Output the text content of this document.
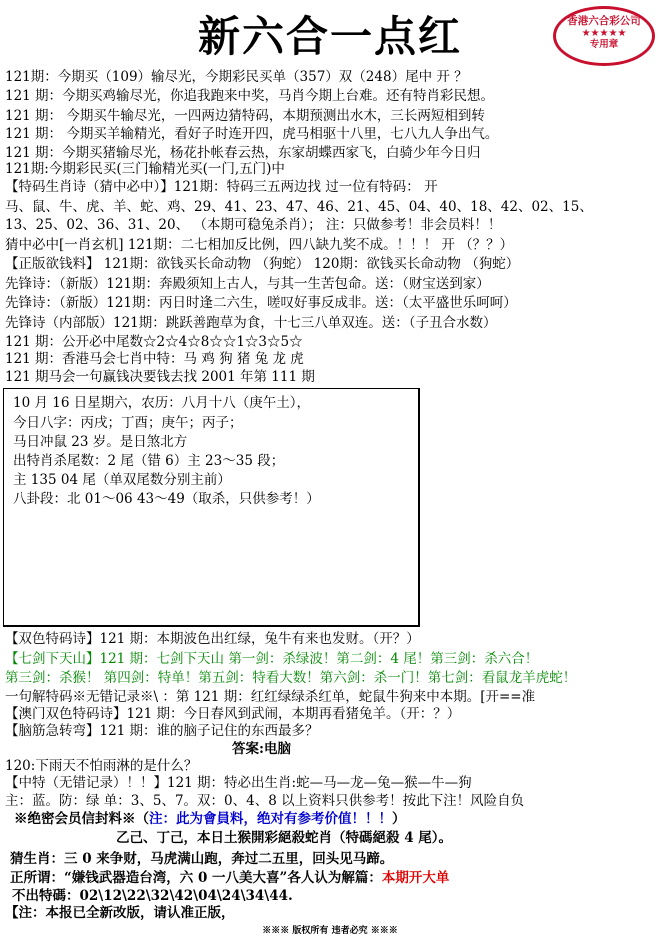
新六合一点红	香港六合彩公司
★★★★★
专用章
121期：今期买（109）输尽光，今期彩民买单（357）双（248）尾中 开 ？
121 期：今期买鸡输尽光，你追我跑来中奖，马肖今期上台难。还有特肖彩民想。
121 期： 今期买牛输尽光，一四两边猜特码，本期预测出水木，三长两短相到转
121 期： 今期买羊输精光，看好子时连开四，虎马相驱十八里，七八九人争出气。
121 期：今期买猪输尽光，杨花扑帐春云热，东家胡蝶西家飞，白骑少年今日归
121期:今期彩民买(三门输精光买(一门,五门)中
【特码生肖诗（猜中必中）】121期：特码三五两边找 过一位有特码： 开
马、鼠、牛、虎、羊、蛇、鸡、29、41、23、47、46、21、45、04、40、18、42、02、15、
13、25、02、36、31、20、 （本期可稳兔杀肖）； 注：只做参考！非会员料！！
猜中必中[一肖玄机] 121期：二七相加反比例，四八缺九奖不成。！！！ 开 （？？）
【正版欲钱料】 121期：欲钱买长命动物 （狗蛇） 120期：欲钱买长命动物 （狗蛇）
先锋诗：（新版）121期：奔殿须知上古人，与其一生苦包命。送：（财宝送到家）
先锋诗：（新版）121期：丙日时逢二六生，嗟叹好事反成非。送：（太平盛世乐呵呵）
先锋诗（内部版）121期：跳跃善跑草为食，十七三八单双连。送：（子丑合水数）
121 期：公开必中尾数☆2☆4☆8☆☆1☆3☆5☆
121 期：香港马会七肖中特：马 鸡 狗 猪 兔 龙 虎
121 期马会一句赢钱决要钱去找 2001 年第 111 期
10 月 16 日星期六，农历：八月十八（庚午土），
今日八字：丙戌；丁酉；庚午；丙子；
马日冲鼠 23 岁。是日煞北方
出特肖杀尾数：2 尾（错 6）主 23～35 段；
主 135 04 尾（单双尾数分别主前）
八卦段：北 01～06 43～49（取杀，只供参考！）
【双色特码诗】121 期：本期波色出红绿，兔牛有来也发财。（开？）
【七剑下天山】121 期：七剑下天山 第一剑：杀绿波！第二剑：4 尾！第三剑：杀六合！
第三剑：杀猴！ 第四剑：特单！第五剑：特看大数！第六剑：杀一门！第七剑：看鼠龙羊虎蛇！
一句解特码※无错记录※\ ：第 121 期：红红绿绿杀红单，蛇鼠牛狗来中本期。[开==准
【澳门双色特码诗】121 期：今日春风到武闹，本期再看猪兔羊。（开：？）
【脑筋急转弯】121 期：谁的脑子记住的东西最多？
答案:电脑
120:下雨天不怕雨淋的是什么？
【中特（无错记录）！！】121 期：特必出生肖:蛇—马—龙—兔—猴—牛—狗
主：蓝。防：绿 单：3、5、7。双：0、4、8 以上资料只供参考！按此下注！风险自负
※绝密会员信封料※（注：此为會員料，绝对有参考价值！！！）
乙己、丁己，本日土猴開彩絕殺蛇肖（特碼絕殺 4 尾）。
猜生肖：三 0 来争财，马虎满山跑，奔过二五里，回头见马蹄。
正所谓：“嫌钱武器造台湾，六 0 一八美大喜”各人认为解篇：本期开大单
不出特碼：02\12\22\32\42\04\24\34\44.
【注：本报已全新改版，请认准正版，
※※※ 版权所有 违者必究 ※※※
